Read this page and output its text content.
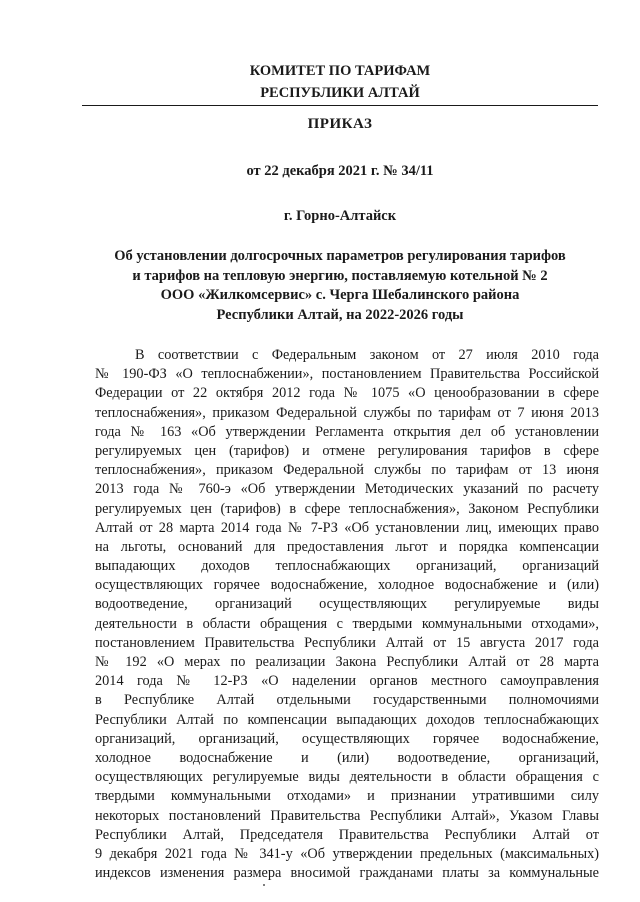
КОМИТЕТ ПО ТАРИФАМ
РЕСПУБЛИКИ АЛТАЙ
ПРИКАЗ
от 22 декабря 2021 г. № 34/11
г. Горно-Алтайск
Об установлении долгосрочных параметров регулирования тарифов
и тарифов на тепловую энергию, поставляемую котельной № 2
ООО «Жилкомсервис» с. Черга Шебалинского района
Республики Алтай, на 2022-2026 годы
В соответствии с Федеральным законом от 27 июля 2010 года
№ 190-ФЗ «О теплоснабжении», постановлением Правительства Российской
Федерации от 22 октября 2012 года № 1075 «О ценообразовании в сфере
теплоснабжения», приказом Федеральной службы по тарифам от 7 июня 2013
года № 163 «Об утверждении Регламента открытия дел об установлении
регулируемых цен (тарифов) и отмене регулирования тарифов в сфере
теплоснабжения», приказом Федеральной службы по тарифам от 13 июня
2013 года № 760-э «Об утверждении Методических указаний по расчету
регулируемых цен (тарифов) в сфере теплоснабжения», Законом Республики
Алтай от 28 марта 2014 года № 7-РЗ «Об установлении лиц, имеющих право
на льготы, оснований для предоставления льгот и порядка компенсации
выпадающих доходов теплоснабжающих организаций, организаций
осуществляющих горячее водоснабжение, холодное водоснабжение и (или)
водоотведение, организаций осуществляющих регулируемые виды
деятельности в области обращения с твердыми коммунальными отходами»,
постановлением Правительства Республики Алтай от 15 августа 2017 года
№ 192 «О мерах по реализации Закона Республики Алтай от 28 марта
2014 года № 12-РЗ «О наделении органов местного самоуправления
в Республике Алтай отдельными государственными полномочиями
Республики Алтай по компенсации выпадающих доходов теплоснабжающих
организаций, организаций, осуществляющих горячее водоснабжение,
холодное водоснабжение и (или) водоотведение, организаций,
осуществляющих регулируемые виды деятельности в области обращения с
твердыми коммунальными отходами» и признании утратившими силу
некоторых постановлений Правительства Республики Алтай», Указом Главы
Республики Алтай, Председателя Правительства Республики Алтай от
9 декабря 2021 года № 341-у «Об утверждении предельных (максимальных)
индексов изменения размера вносимой гражданами платы за коммунальные
